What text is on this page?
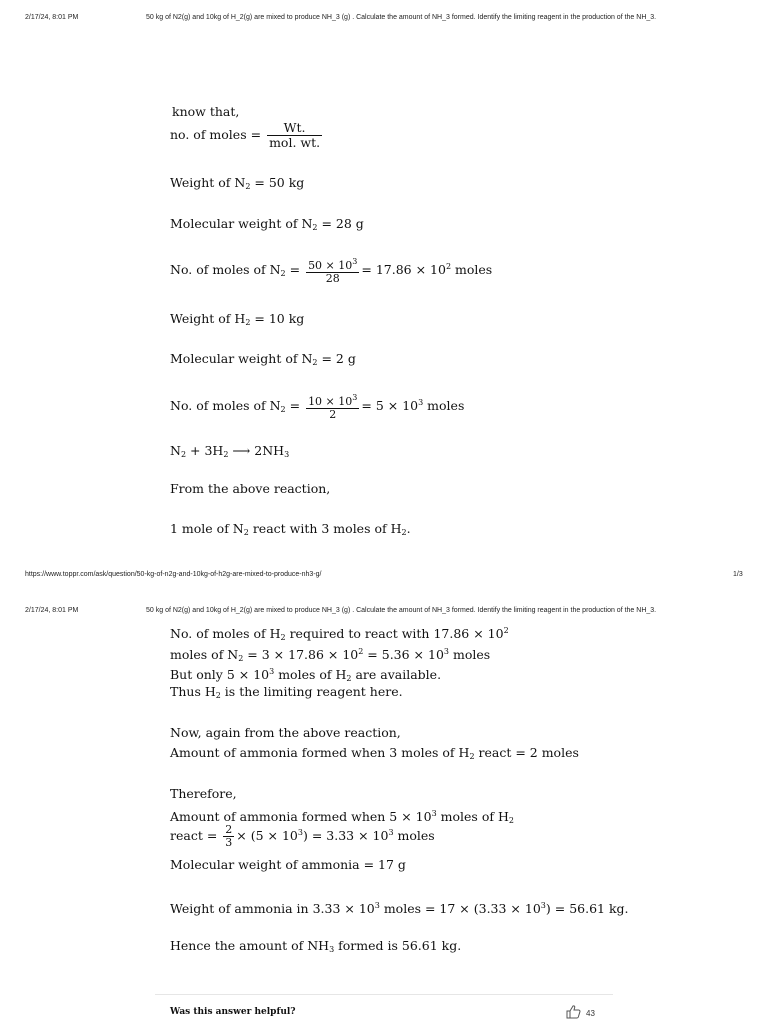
2/17/24, 8:01 PM	50 kg of N2(g) and 10kg of H_2(g) are mixed to produce NH_3 (g) . Calculate the amount of NH_3 formed. Identify the limiting reagent in the production of the NH_3.
know that,
no. of moles = $\frac{Wt.}{\text{mol. wt.}}$
Weight of $N_2 = 50$ kg
Molecular weight of $N_2 = 28$ g
No. of moles of $N_2 = \frac{50 \times 10^3}{28} = 17.86 \times 10^2$ moles
Weight of $H_2 = 10$ kg
Molecular weight of $N_2 = 2$ g
No. of moles of $N_2 = \frac{10 \times 10^3}{2} = 5 \times 10^3$ moles
$N_2 + 3H_2$ ⟶ $2NH_3$
From the above reaction,
1 mole of $N_2$ react with 3 moles of $H_2$.
https://www.toppr.com/ask/question/50-kg-of-n2g-and-10kg-of-h2g-are-mixed-to-produce-nh3-g/	1/3
2/17/24, 8:01 PM	50 kg of N2(g) and 10kg of H_2(g) are mixed to produce NH_3 (g) . Calculate the amount of NH_3 formed. Identify the limiting reagent in the production of the NH_3.
No. of moles of $H_2$ required to react with $17.86 \times 10^2$
moles of $N_2 = 3 \times 17.86 \times 10^2 = 5.36 \times 10^3$ moles
But only $5 \times 10^3$ moles of $H_2$ are available.
Thus $H_2$ is the limiting reagent here.
Now, again from the above reaction,
Amount of ammonia formed when 3 moles of $H_2$ react = 2 moles
Therefore,
Amount of ammonia formed when $5 \times 10^3$ moles of $H_2$
react = $\frac{2}{3} \times (5 \times 10^3) = 3.33 \times 10^3$ moles
Molecular weight of ammonia = 17 g
Weight of ammonia in $3.33 \times 10^3$ moles = $17 \times (3.33 \times 10^3) = 56.61$ kg.
Hence the amount of $NH_3$ formed is 56.61 kg.
Was this answer helpful?	43
